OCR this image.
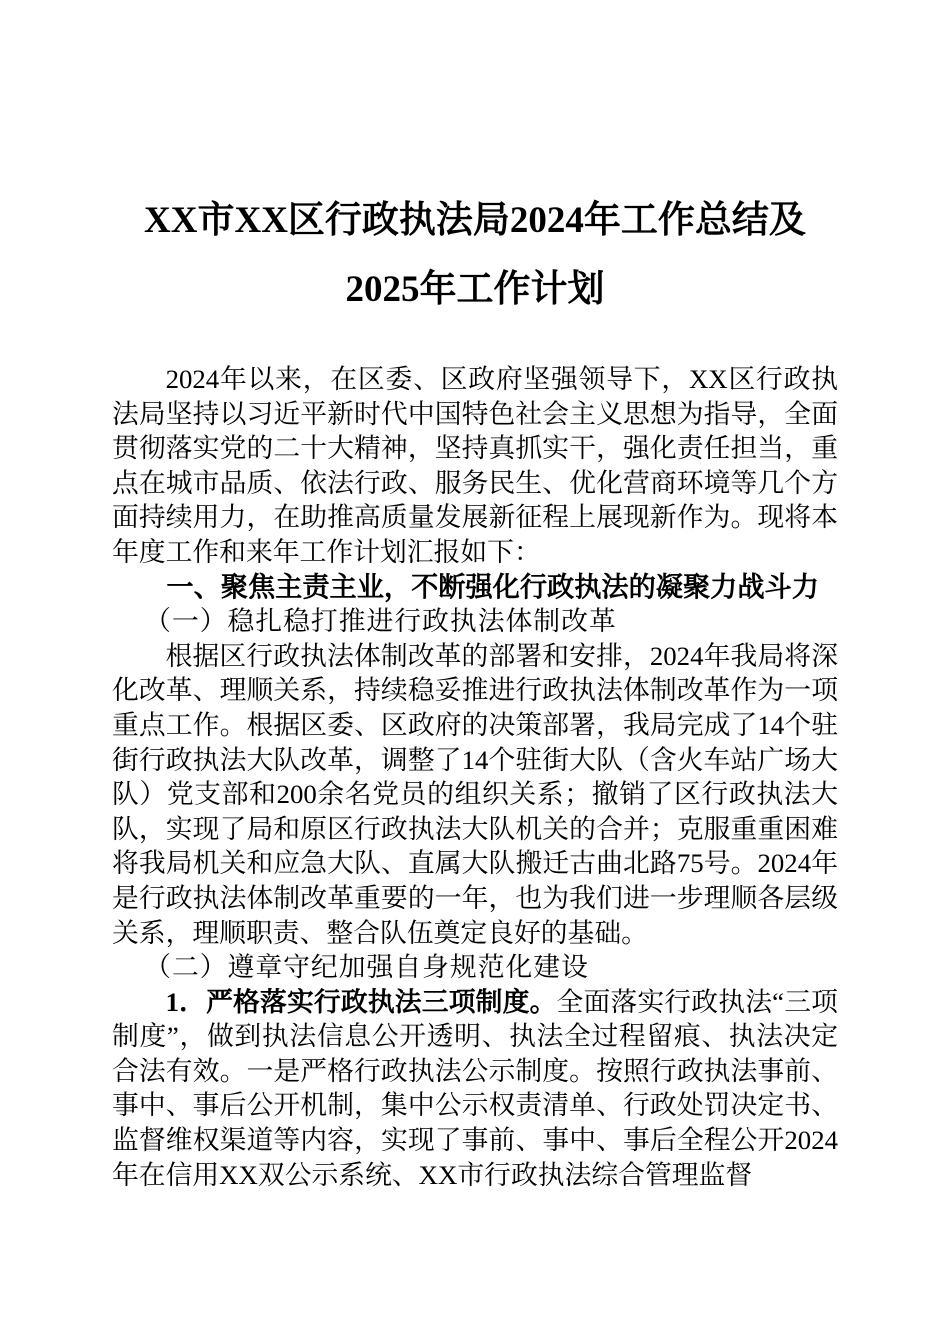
XX市XX区行政执法局2024年工作总结及2025年工作计划

2024年以来，在区委、区政府坚强领导下，XX区行政执法局坚持以习近平新时代中国特色社会主义思想为指导，全面贯彻落实党的二十大精神，坚持真抓实干，强化责任担当，重点在城市品质、依法行政、服务民生、优化营商环境等几个方面持续用力，在助推高质量发展新征程上展现新作为。现将本年度工作和来年工作计划汇报如下：

一、聚焦主责主业，不断强化行政执法的凝聚力战斗力

（一）稳扎稳打推进行政执法体制改革

根据区行政执法体制改革的部署和安排，2024年我局将深化改革、理顺关系，持续稳妥推进行政执法体制改革作为一项重点工作。根据区委、区政府的决策部署，我局完成了14个驻街行政执法大队改革，调整了14个驻街大队（含火车站广场大队）党支部和200余名党员的组织关系；撤销了区行政执法大队，实现了局和原区行政执法大队机关的合并；克服重重困难将我局机关和应急大队、直属大队搬迁古曲北路75号。2024年是行政执法体制改革重要的一年，也为我们进一步理顺各层级关系，理顺职责、整合队伍奠定良好的基础。

（二）遵章守纪加强自身规范化建设

1．严格落实行政执法三项制度。全面落实行政执法“三项制度”，做到执法信息公开透明、执法全过程留痕、执法决定合法有效。一是严格行政执法公示制度。按照行政执法事前、事中、事后公开机制，集中公示权责清单、行政处罚决定书、监督维权渠道等内容，实现了事前、事中、事后全程公开2024年在信用XX双公示系统、XX市行政执法综合管理监督
